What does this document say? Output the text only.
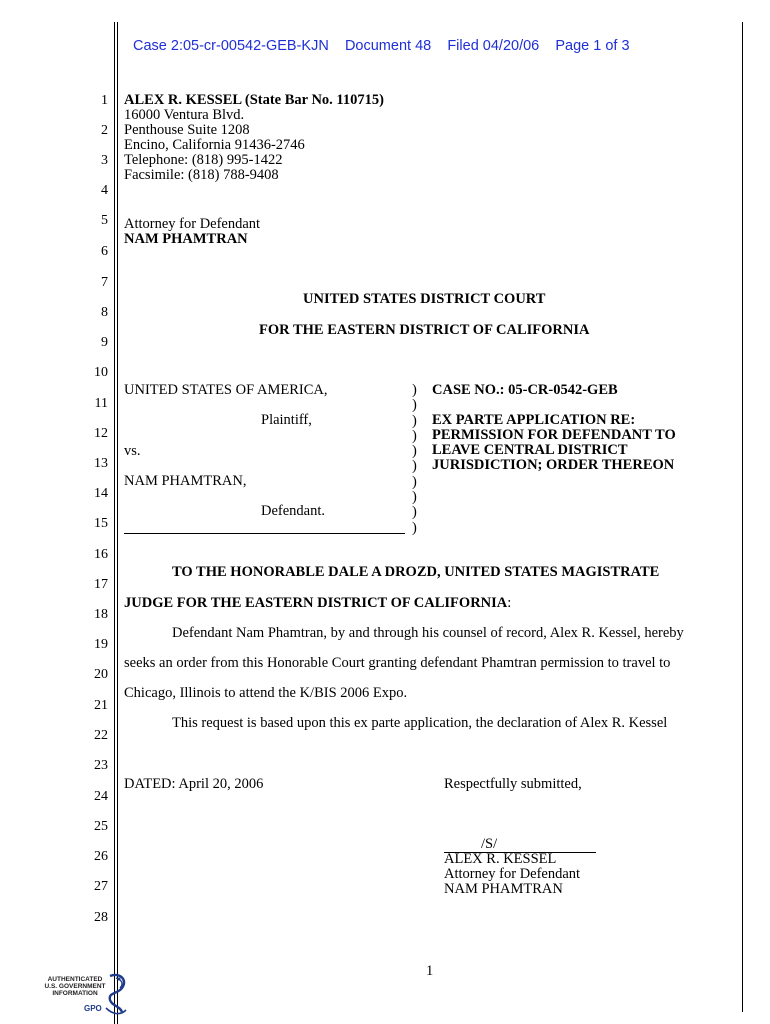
Case 2:05-cr-00542-GEB-KJN Document 48 Filed 04/20/06 Page 1 of 3
1
2
3
4
5
6
7
8
9
10
11
12
13
14
15
16
17
18
19
20
21
22
23
24
25
26
27
28
ALEX R. KESSEL (State Bar No. 110715)
16000 Ventura Blvd.
Penthouse Suite 1208
Encino, California 91436-2746
Telephone: (818) 995-1422
Facsimile: (818) 788-9408
Attorney for Defendant
NAM PHAMTRAN
UNITED STATES DISTRICT COURT
FOR THE EASTERN DISTRICT OF CALIFORNIA
UNITED STATES OF AMERICA,
Plaintiff,
vs.
NAM PHAMTRAN,
Defendant.
)
)
)
)
)
)
)
)
)
)
CASE NO.: 05-CR-0542-GEB
EX PARTE APPLICATION RE:
PERMISSION FOR DEFENDANT TO
LEAVE CENTRAL DISTRICT
JURISDICTION; ORDER THEREON
TO THE HONORABLE DALE A DROZD, UNITED STATES MAGISTRATE
JUDGE FOR THE EASTERN DISTRICT OF CALIFORNIA:
Defendant Nam Phamtran, by and through his counsel of record, Alex R. Kessel, hereby
seeks an order from this Honorable Court granting defendant Phamtran permission to travel to
Chicago, Illinois to attend the K/BIS 2006 Expo.
This request is based upon this ex parte application, the declaration of Alex R. Kessel
DATED: April 20, 2006	Respectfully submitted,
/S/
ALEX R. KESSEL
Attorney for Defendant
NAM PHAMTRAN
1
AUTHENTICATED
U.S. GOVERNMENT
INFORMATION
GPO
